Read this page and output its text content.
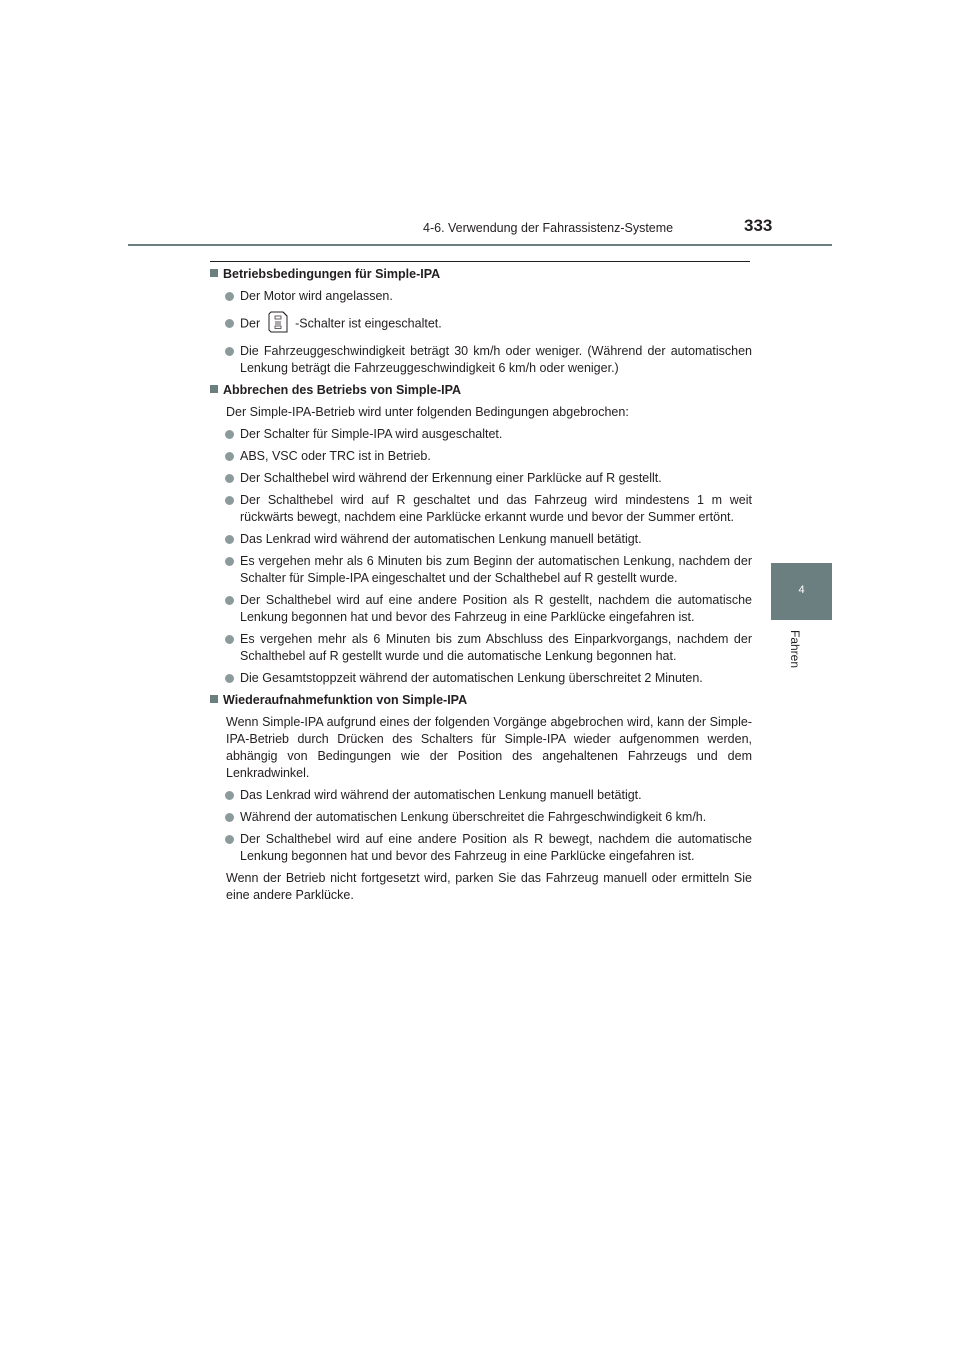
4-6. Verwendung der Fahrassistenz-Systeme	333
4
Fahren
Betriebsbedingungen für Simple-IPA
Der Motor wird angelassen.
Der	-Schalter ist eingeschaltet.
Die Fahrzeuggeschwindigkeit beträgt 30 km/h oder weniger. (Während der automatischen Lenkung beträgt die Fahrzeuggeschwindigkeit 6 km/h oder weniger.)
Abbrechen des Betriebs von Simple-IPA
Der Simple-IPA-Betrieb wird unter folgenden Bedingungen abgebrochen:
Der Schalter für Simple-IPA wird ausgeschaltet.
ABS, VSC oder TRC ist in Betrieb.
Der Schalthebel wird während der Erkennung einer Parklücke auf R gestellt.
Der Schalthebel wird auf R geschaltet und das Fahrzeug wird mindestens 1 m weit rückwärts bewegt, nachdem eine Parklücke erkannt wurde und bevor der Summer ertönt.
Das Lenkrad wird während der automatischen Lenkung manuell betätigt.
Es vergehen mehr als 6 Minuten bis zum Beginn der automatischen Lenkung, nachdem der Schalter für Simple-IPA eingeschaltet und der Schalthebel auf R gestellt wurde.
Der Schalthebel wird auf eine andere Position als R gestellt, nachdem die automatische Lenkung begonnen hat und bevor des Fahrzeug in eine Parklücke eingefahren ist.
Es vergehen mehr als 6 Minuten bis zum Abschluss des Einparkvorgangs, nachdem der Schalthebel auf R gestellt wurde und die automatische Lenkung begonnen hat.
Die Gesamtstoppzeit während der automatischen Lenkung überschreitet 2 Minuten.
Wiederaufnahmefunktion von Simple-IPA
Wenn Simple-IPA aufgrund eines der folgenden Vorgänge abgebrochen wird, kann der Simple-IPA-Betrieb durch Drücken des Schalters für Simple-IPA wieder aufgenommen werden, abhängig von Bedingungen wie der Position des angehaltenen Fahrzeugs und dem Lenkradwinkel.
Das Lenkrad wird während der automatischen Lenkung manuell betätigt.
Während der automatischen Lenkung überschreitet die Fahrgeschwindigkeit 6 km/h.
Der Schalthebel wird auf eine andere Position als R bewegt, nachdem die automatische Lenkung begonnen hat und bevor des Fahrzeug in eine Parklücke eingefahren ist.
Wenn der Betrieb nicht fortgesetzt wird, parken Sie das Fahrzeug manuell oder ermitteln Sie eine andere Parklücke.
